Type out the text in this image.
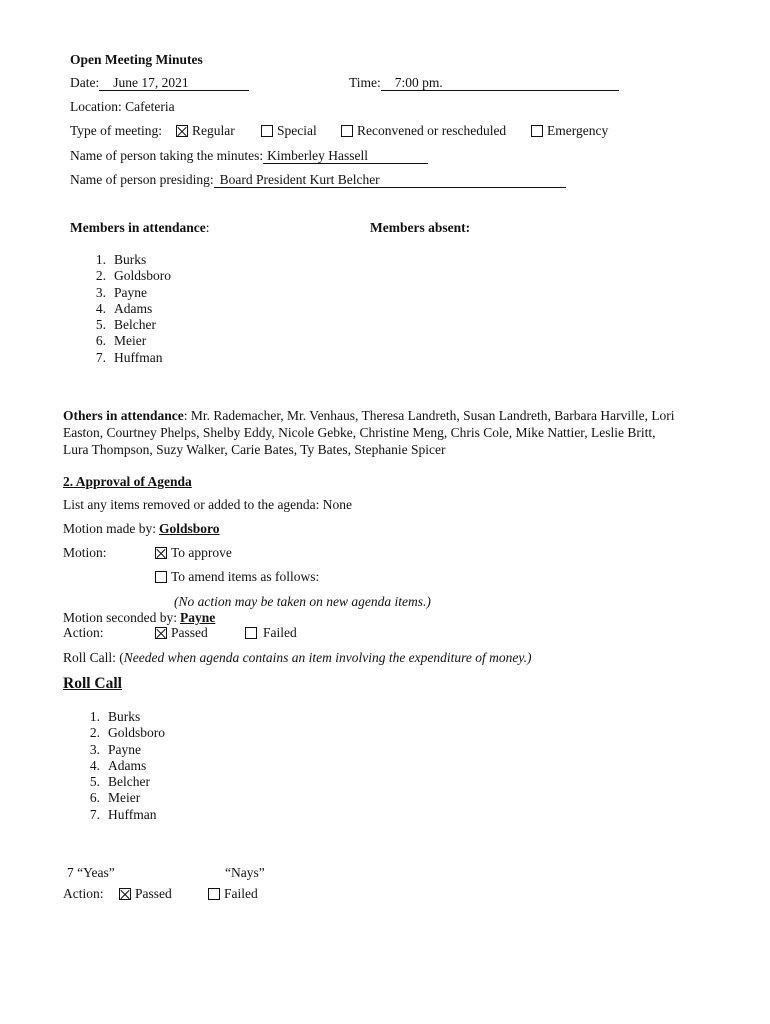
Open Meeting Minutes
Date: June 17, 2021	Time: 7:00 pm.
Location: Cafeteria
Type of meeting:	Regular	Special	Reconvened or rescheduled	Emergency
Name of person taking the minutes: Kimberley Hassell
Name of person presiding: Board President Kurt Belcher
Members in attendance:	Members absent:
1. Burks
2. Goldsboro
3. Payne
4. Adams
5. Belcher
6. Meier
7. Huffman
Others in attendance: Mr. Rademacher, Mr. Venhaus, Theresa Landreth, Susan Landreth, Barbara Harville, Lori Easton, Courtney Phelps, Shelby Eddy, Nicole Gebke, Christine Meng, Chris Cole, Mike Nattier, Leslie Britt, Lura Thompson, Suzy Walker, Carie Bates, Ty Bates, Stephanie Spicer
2. Approval of Agenda
List any items removed or added to the agenda: None
Motion made by: Goldsboro
Motion:	To approve
To amend items as follows:
(No action may be taken on new agenda items.)
Motion seconded by: Payne
Action:	Passed	Failed
Roll Call: (Needed when agenda contains an item involving the expenditure of money.)
Roll Call
1. Burks
2. Goldsboro
3. Payne
4. Adams
5. Belcher
6. Meier
7. Huffman
7 “Yeas”	“Nays”
Action:	Passed	Failed
